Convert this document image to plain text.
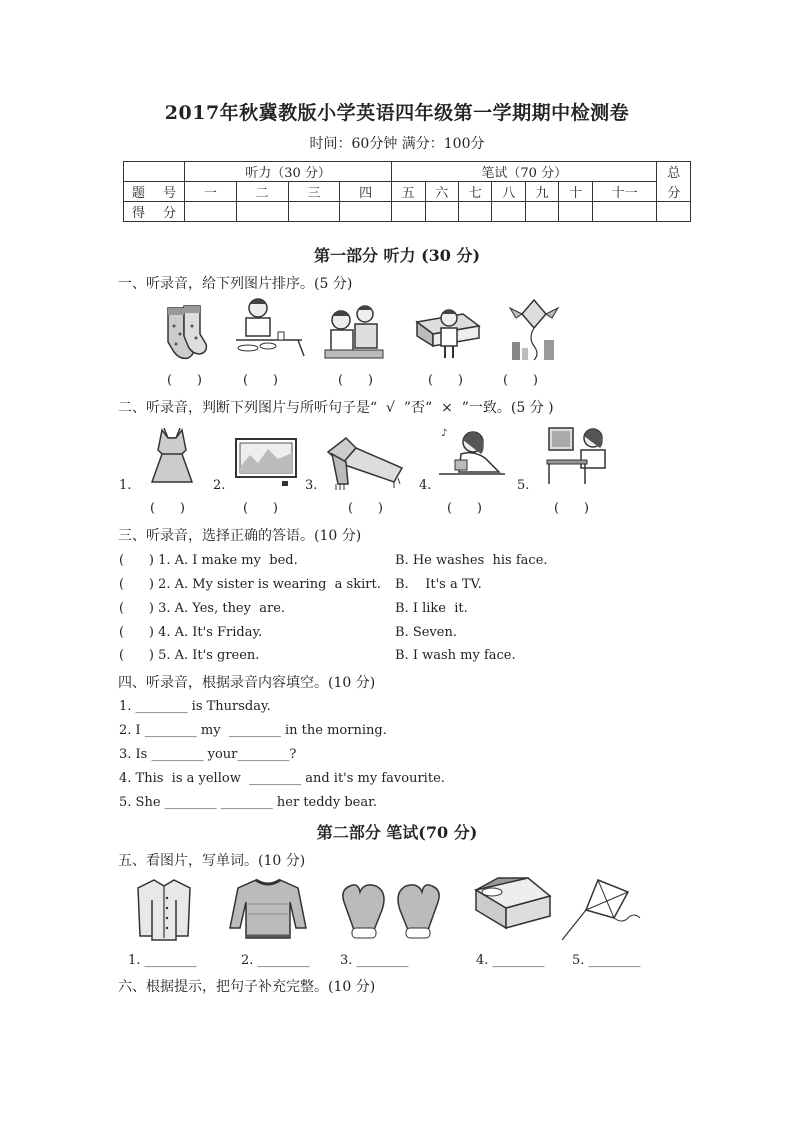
2017年秋冀教版小学英语四年级第一学期期中检测卷
时间：60分钟 满分：100分
	听力（30 分）				笔试（70 分）							总
题号	一	二	三	四	五	六	七	八	九	十	十一	分
得分												
第一部分 听力 (30 分)
一、听录音，给下列图片排序。(5 分)
(      )	(      )	(      )	(      )	(      )
二、听录音，判断下列图片与所听句子是“  √  ”否“  ×  ”一致。(5 分 )
1.	2.	3.	4.
♪
5.
(      )	(      )	(      )	(      )	(      )
三、听录音，选择正确的答语。(10 分)
(      ) 1. A. I make my  bed.	B. He washes  his face.
(      ) 2. A. My sister is wearing  a skirt. B.    It's a TV.
(      ) 3. A. Yes, they  are.	B. I like  it.
(      ) 4. A. It's Friday.	B. Seven.
(      ) 5. A. It's green.	B. I wash my face.
四、听录音，根据录音内容填空。(10 分)
1. ________ is Thursday.
2. I ________ my  ________ in the morning.
3. Is ________ your________?
4. This  is a yellow  ________ and it's my favourite.
5. She ________ ________ her teddy bear.
第二部分 笔试(70 分)
五、看图片，写单词。(10 分)
1. ________	2. ________ 3. ________	4. ________ 5. ________
六、根据提示，把句子补充完整。(10 分)
